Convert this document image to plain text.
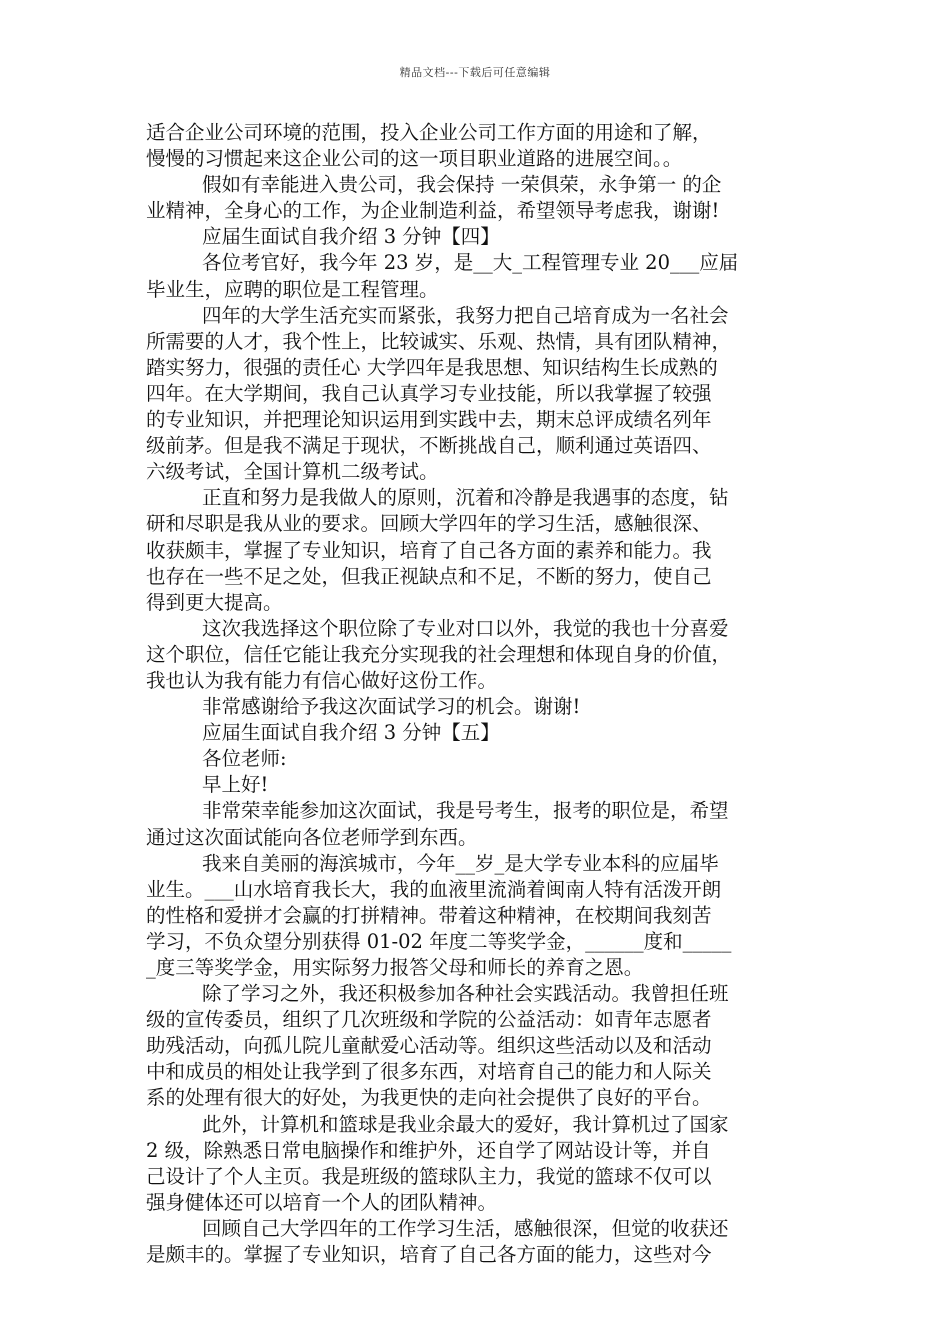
精品文档---下载后可任意编辑
适合企业公司环境的范围，投入企业公司工作方面的用途和了解，
慢慢的习惯起来这企业公司的这一项目职业道路的进展空间。。
假如有幸能进入贵公司，我会保持 一荣俱荣，永争第一 的企
业精神，全身心的工作，为企业制造利益，希望领导考虑我，谢谢!
应届生面试自我介绍 3 分钟【四】
各位考官好，我今年 23 岁，是__大_工程管理专业 20___应届
毕业生，应聘的职位是工程管理。
四年的大学生活充实而紧张，我努力把自己培育成为一名社会
所需要的人才，我个性上，比较诚实、乐观、热情，具有团队精神，
踏实努力，很强的责任心 大学四年是我思想、知识结构生长成熟的
四年。在大学期间，我自己认真学习专业技能，所以我掌握了较强
的专业知识，并把理论知识运用到实践中去，期末总评成绩名列年
级前茅。但是我不满足于现状，不断挑战自己，顺利通过英语四、
六级考试，全国计算机二级考试。
正直和努力是我做人的原则，沉着和冷静是我遇事的态度，钻
研和尽职是我从业的要求。回顾大学四年的学习生活，感触很深、
收获颇丰，掌握了专业知识，培育了自己各方面的素养和能力。我
也存在一些不足之处，但我正视缺点和不足，不断的努力，使自己
得到更大提高。
这次我选择这个职位除了专业对口以外，我觉的我也十分喜爱
这个职位，信任它能让我充分实现我的社会理想和体现自身的价值，
我也认为我有能力有信心做好这份工作。
非常感谢给予我这次面试学习的机会。谢谢!
应届生面试自我介绍 3 分钟【五】
各位老师:
早上好!
非常荣幸能参加这次面试，我是号考生，报考的职位是，希望
通过这次面试能向各位老师学到东西。
我来自美丽的海滨城市，今年__岁_是大学专业本科的应届毕
业生。___山水培育我长大，我的血液里流淌着闽南人特有活泼开朗
的性格和爱拼才会赢的打拼精神。带着这种精神，在校期间我刻苦
学习，不负众望分别获得 01-02 年度二等奖学金，______度和_____
_度三等奖学金，用实际努力报答父母和师长的养育之恩。
除了学习之外，我还积极参加各种社会实践活动。我曾担任班
级的宣传委员，组织了几次班级和学院的公益活动：如青年志愿者
助残活动，向孤儿院儿童献爱心活动等。组织这些活动以及和活动
中和成员的相处让我学到了很多东西，对培育自己的能力和人际关
系的处理有很大的好处，为我更快的走向社会提供了良好的平台。
此外，计算机和篮球是我业余最大的爱好，我计算机过了国家
2 级，除熟悉日常电脑操作和维护外，还自学了网站设计等，并自
己设计了个人主页。我是班级的篮球队主力，我觉的篮球不仅可以
强身健体还可以培育一个人的团队精神。
回顾自己大学四年的工作学习生活，感触很深，但觉的收获还
是颇丰的。掌握了专业知识，培育了自己各方面的能力，这些对今
